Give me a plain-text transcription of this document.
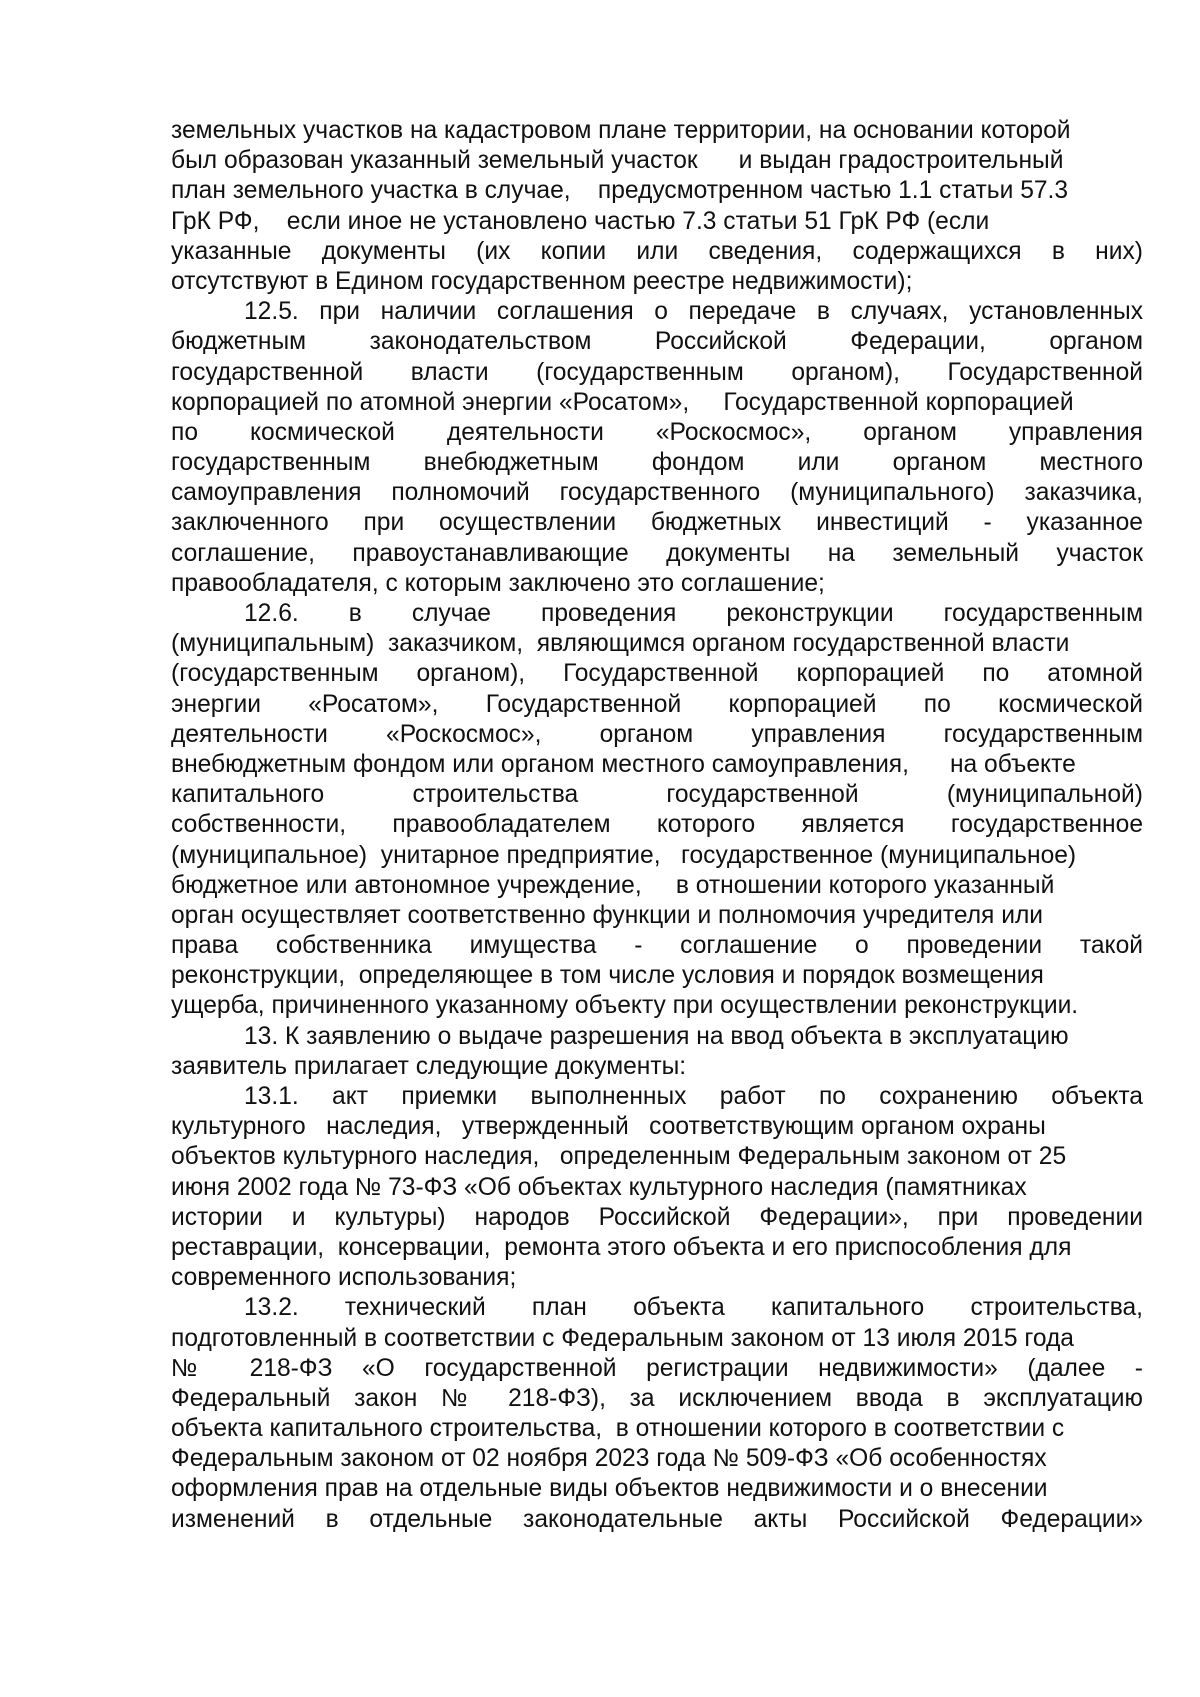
земельных участков на кадастровом плане территории, на основании которой
был образован указанный земельный участок      и выдан градостроительный
план земельного участка в случае,    предусмотренном частью 1.1 статьи 57.3
ГрК РФ,    если иное не установлено частью 7.3 статьи 51 ГрК РФ (если
указанные документы (их копии или сведения, содержащихся в них)
отсутствуют в Едином государственном реестре недвижимости);
12.5. при наличии соглашения о передаче в случаях, установленных
бюджетным законодательством Российской Федерации, органом
государственной власти (государственным органом), Государственной
корпорацией по атомной энергии «Росатом»,     Государственной корпорацией
по космической деятельности «Роскосмос», органом управления
государственным внебюджетным фондом или органом местного
самоуправления полномочий государственного (муниципального) заказчика,
заключенного при осуществлении бюджетных инвестиций - указанное
соглашение, правоустанавливающие документы на земельный участок
правообладателя, с которым заключено это соглашение;
12.6. в случае проведения реконструкции государственным
(муниципальным)  заказчиком,  являющимся органом государственной власти
(государственным органом), Государственной корпорацией по атомной
энергии «Росатом», Государственной корпорацией по космической
деятельности «Роскосмос», органом управления государственным
внебюджетным фондом или органом местного самоуправления,      на объекте
капитального строительства государственной (муниципальной)
собственности, правообладателем которого является государственное
(муниципальное)  унитарное предприятие,   государственное (муниципальное)
бюджетное или автономное учреждение,     в отношении которого указанный
орган осуществляет соответственно функции и полномочия учредителя или
права собственника имущества - соглашение о проведении такой
реконструкции,  определяющее в том числе условия и порядок возмещения
ущерба, причиненного указанному объекту при осуществлении реконструкции.
13. К заявлению о выдаче разрешения на ввод объекта в эксплуатацию
заявитель прилагает следующие документы:
13.1. акт приемки выполненных работ по сохранению объекта
культурного   наследия,   утвержденный   соответствующим органом охраны
объектов культурного наследия,   определенным Федеральным законом от 25
июня 2002 года № 73-ФЗ «Об объектах культурного наследия (памятниках
истории и культуры) народов Российской Федерации», при проведении
реставрации,  консервации,  ремонта этого объекта и его приспособления для
современного использования;
13.2. технический план объекта капитального строительства,
подготовленный в соответствии с Федеральным законом от 13 июля 2015 года
№ 218-ФЗ «О государственной регистрации недвижимости» (далее -
Федеральный закон № 218-ФЗ), за исключением ввода в эксплуатацию
объекта капитального строительства,  в отношении которого в соответствии с
Федеральным законом от 02 ноября 2023 года № 509-ФЗ «Об особенностях
оформления прав на отдельные виды объектов недвижимости и о внесении
изменений в отдельные законодательные акты Российской Федерации»
